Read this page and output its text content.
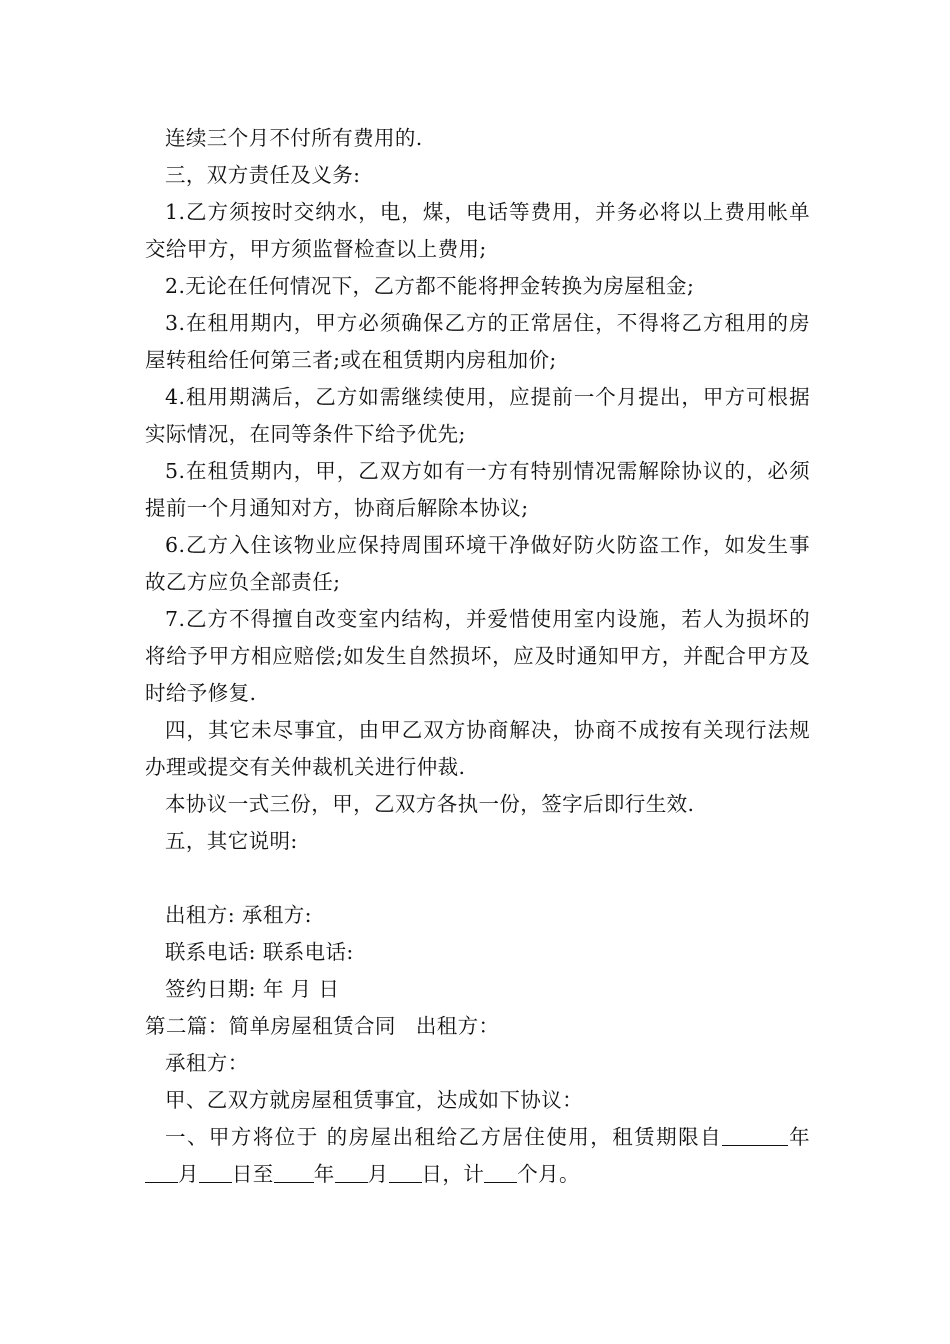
连续三个月不付所有费用的.

三，双方责任及义务:

1.乙方须按时交纳水，电，煤，电话等费用，并务必将以上费用帐单交给甲方，甲方须监督检查以上费用;

2.无论在任何情况下，乙方都不能将押金转换为房屋租金;

3.在租用期内，甲方必须确保乙方的正常居住，不得将乙方租用的房屋转租给任何第三者;或在租赁期内房租加价;

4.租用期满后，乙方如需继续使用，应提前一个月提出，甲方可根据实际情况，在同等条件下给予优先;

5.在租赁期内，甲，乙双方如有一方有特别情况需解除协议的，必须提前一个月通知对方，协商后解除本协议;

6.乙方入住该物业应保持周围环境干净做好防火防盗工作，如发生事故乙方应负全部责任;

7.乙方不得擅自改变室内结构，并爱惜使用室内设施，若人为损坏的将给予甲方相应赔偿;如发生自然损坏，应及时通知甲方，并配合甲方及时给予修复.

四，其它未尽事宜，由甲乙双方协商解决，协商不成按有关现行法规办理或提交有关仲裁机关进行仲裁.

本协议一式三份，甲，乙双方各执一份，签字后即行生效.

五，其它说明:

出租方: 承租方:

联系电话: 联系电话:

签约日期: 年 月 日

第二篇：简单房屋租赁合同 出租方：

承租方：

甲、乙双方就房屋租赁事宜，达成如下协议：

一、甲方将位于 的房屋出租给乙方居住使用，租赁期限自	年月 日至 年 月 日，计 个月。
